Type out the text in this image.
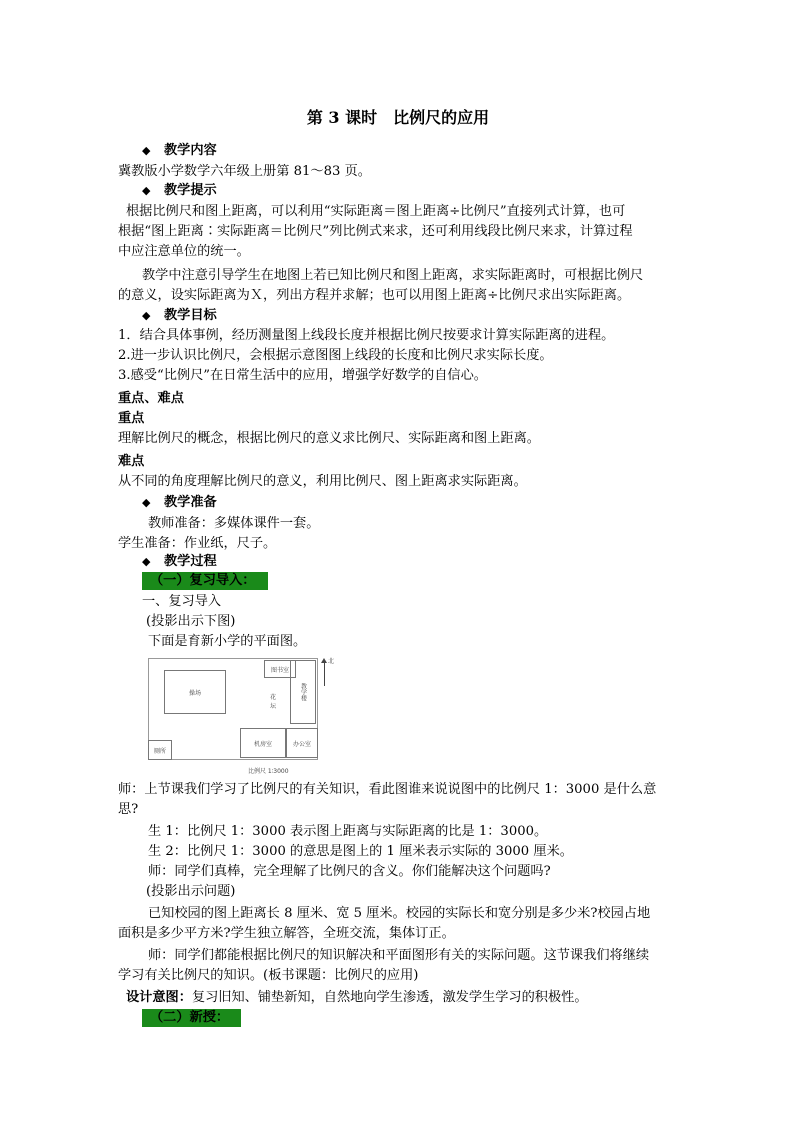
第 3 课时　比例尺的应用
冀教版小学数学六年级上册第 81～83 页。
根据比例尺和图上距离，可以利用“实际距离＝图上距离÷比例尺”直接列式计算，也可
根据“图上距离∶实际距离＝比例尺”列比例式来求，还可利用线段比例尺来求，计算过程
中应注意单位的统一。
教学中注意引导学生在地图上若已知比例尺和图上距离，求实际距离时，可根据比例尺
的意义，设实际距离为Ｘ，列出方程并求解；也可以用图上距离÷比例尺求出实际距离。
1．结合具体事例，经历测量图上线段长度并根据比例尺按要求计算实际距离的进程。
2.进一步认识比例尺，会根据示意图图上线段的长度和比例尺求实际长度。
3.感受“比例尺”在日常生活中的应用，增强学好数学的自信心。
理解比例尺的概念，根据比例尺的意义求比例尺、实际距离和图上距离。
从不同的角度理解比例尺的意义，利用比例尺、图上距离求实际距离。
教师准备：多媒体课件一套。
学生准备：作业纸，尺子。
一、复习导入
(投影出示下图)
下面是育新小学的平面图。
师：上节课我们学习了比例尺的有关知识，看此图谁来说说图中的比例尺 1：3000 是什么意
思?
生 1：比例尺 1：3000 表示图上距离与实际距离的比是 1：3000。
生 2：比例尺 1：3000 的意思是图上的 1 厘米表示实际的 3000 厘米。
师：同学们真棒，完全理解了比例尺的含义。你们能解决这个问题吗?
(投影出示问题)
已知校园的图上距离长 8 厘米、宽 5 厘米。校园的实际长和宽分别是多少米?校园占地
面积是多少平方米?学生独立解答，全班交流，集体订正。
师：同学们都能根据比例尺的知识解决和平面图形有关的实际问题。这节课我们将继续
学习有关比例尺的知识。(板书课题：比例尺的应用)
◆ 教学内容
◆ 教学提示
◆ 教学目标
◆ 教学准备
◆ 教学过程
重点、难点
重点
难点
设计意图：复习旧知、铺垫新知，自然地向学生渗透，激发学生学习的积极性。
（一）复习导入：
（二）新授：
操场
图书室
教学楼
花坛
机房室	办公室
厕所
北
比例尺 1∶3000
